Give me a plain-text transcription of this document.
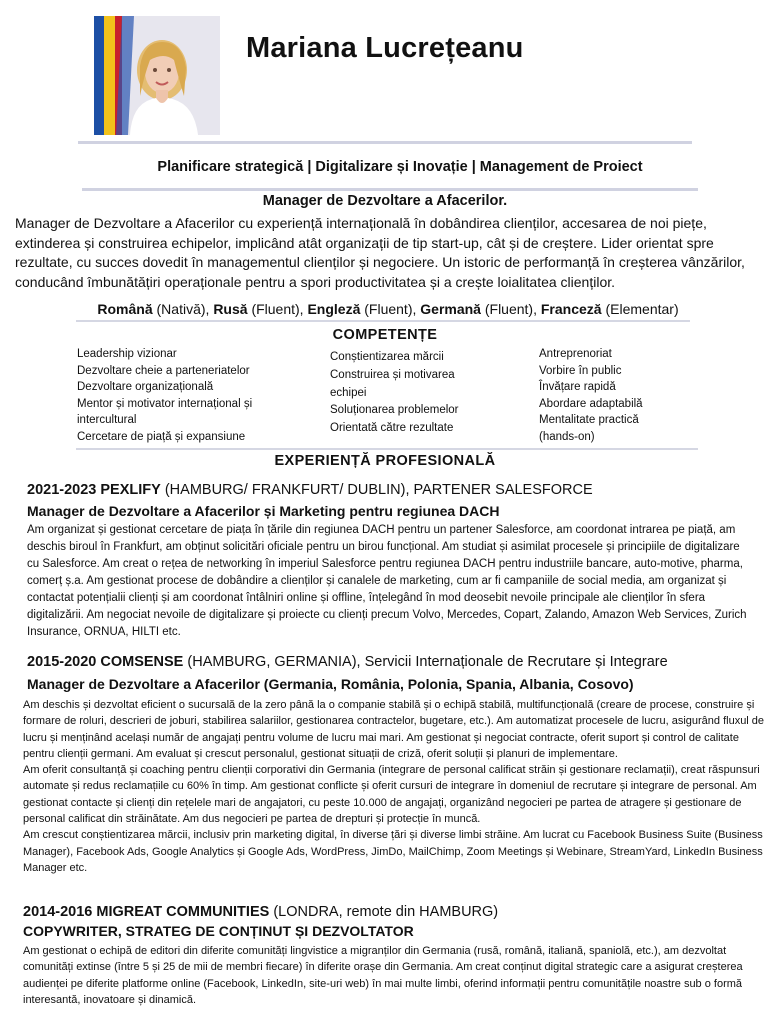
Mariana Lucrețeanu
Planificare strategică | Digitalizare și Inovație | Management de Proiect
Manager de Dezvoltare a Afacerilor.
Manager de Dezvoltare a Afacerilor cu experiență internațională în dobândirea clienților, accesarea de noi piețe, extinderea și construirea echipelor, implicând atât organizații de tip start-up, cât și de creștere. Lider orientat spre rezultate, cu succes dovedit în managementul clienților și negociere. Un istoric de performanță în creșterea vânzărilor, conducând îmbunătățiri operaționale pentru a spori productivitatea și a crește loialitatea clienților.
Română (Nativă), Rusă (Fluent), Engleză (Fluent), Germană (Fluent), Franceză (Elementar)
COMPETENȚE
Leadership vizionar
Dezvoltare cheie a parteneriatelor
Dezvoltare organizațională
Mentor și motivator internațional și
intercultural
Cercetare de piață și expansiune
Conștientizarea mărcii
Construirea și motivarea
echipei
Soluționarea problemelor
Orientată către rezultate
Antreprenoriat
Vorbire în public
Învățare rapidă
Abordare adaptabilă
Mentalitate practică
(hands-on)
EXPERIENȚĂ PROFESIONALĂ
2021-2023 PEXLIFY (HAMBURG/ FRANKFURT/ DUBLIN), PARTENER SALESFORCE
Manager de Dezvoltare a Afacerilor și Marketing pentru regiunea DACH
Am organizat și gestionat cercetare de piața în țările din regiunea DACH pentru un partener Salesforce, am coordonat intrarea pe piață, am deschis biroul în Frankfurt, am obținut solicitări oficiale pentru un birou funcțional. Am studiat și asimilat procesele și principiile de digitalizare cu Salesforce. Am creat o rețea de networking în imperiul Salesforce pentru regiunea DACH pentru industriile bancare, auto-motive, pharma, comerț ș.a. Am gestionat procese de dobândire a clienților și canalele de marketing, cum ar fi campaniile de social media, am organizat și contactat potențialii clienți și am coordonat întâlniri online și offline, înțelegând în mod deosebit nevoile principale ale clienților în sfera digitalizării. Am negociat nevoile de digitalizare și proiecte cu clienți precum Volvo, Mercedes, Copart, Zalando, Amazon Web Services, Zurich Insurance, ORNUA, HILTI etc.
2015-2020 COMSENSE (HAMBURG, GERMANIA), Servicii Internaționale de Recrutare și Integrare
Manager de Dezvoltare a Afacerilor (Germania, România, Polonia, Spania, Albania, Cosovo)
Am deschis și dezvoltat eficient o sucursală de la zero până la o companie stabilă și o echipă stabilă, multifuncțională (creare de procese, construire și formare de roluri, descrieri de joburi, stabilirea salariilor, gestionarea contractelor, bugetare, etc.). Am automatizat procesele de lucru, asigurând fluxul de lucru și menținând același număr de angajați pentru volume de lucru mai mari. Am gestionat și negociat contracte, oferit suport și control de calitate pentru clienții germani. Am evaluat și crescut personalul, gestionat situații de criză, oferit soluții și planuri de implementare.
Am oferit consultanță și coaching pentru clienții corporativi din Germania (integrare de personal calificat străin și gestionare reclamații), creat răspunsuri automate și redus reclamațiile cu 60% în timp. Am gestionat conflicte și oferit cursuri de integrare în domeniul de recrutare și integrare de personal. Am gestionat contacte și clienți din rețelele mari de angajatori, cu peste 10.000 de angajați, organizând negocieri pe partea de atragere și gestionare de personal calificat din străinătate. Am dus negocieri pe partea de drepturi și protecție în muncă.
Am crescut conștientizarea mărcii, inclusiv prin marketing digital, în diverse țări și diverse limbi străine. Am lucrat cu Facebook Business Suite (Business Manager), Facebook Ads, Google Analytics și Google Ads, WordPress, JimDo, MailChimp, Zoom Meetings și Webinare, StreamYard, LinkedIn Business Manager etc.
2014-2016 MIGREAT COMMUNITIES (LONDRA, remote din HAMBURG)
COPYWRITER, STRATEG DE CONȚINUT ȘI DEZVOLTATOR
Am gestionat o echipă de editori din diferite comunități lingvistice a migranților din Germania (rusă, română, italiană, spaniolă, etc.), am dezvoltat comunități extinse (între 5 și 25 de mii de membri fiecare) în diferite orașe din Germania. Am creat conținut digital strategic care a asigurat creșterea audienței pe diferite platforme online (Facebook, LinkedIn, site-uri web) în mai multe limbi, oferind informații pentru comunitățile noastre sub o formă interesantă, inovatoare și dinamică.
